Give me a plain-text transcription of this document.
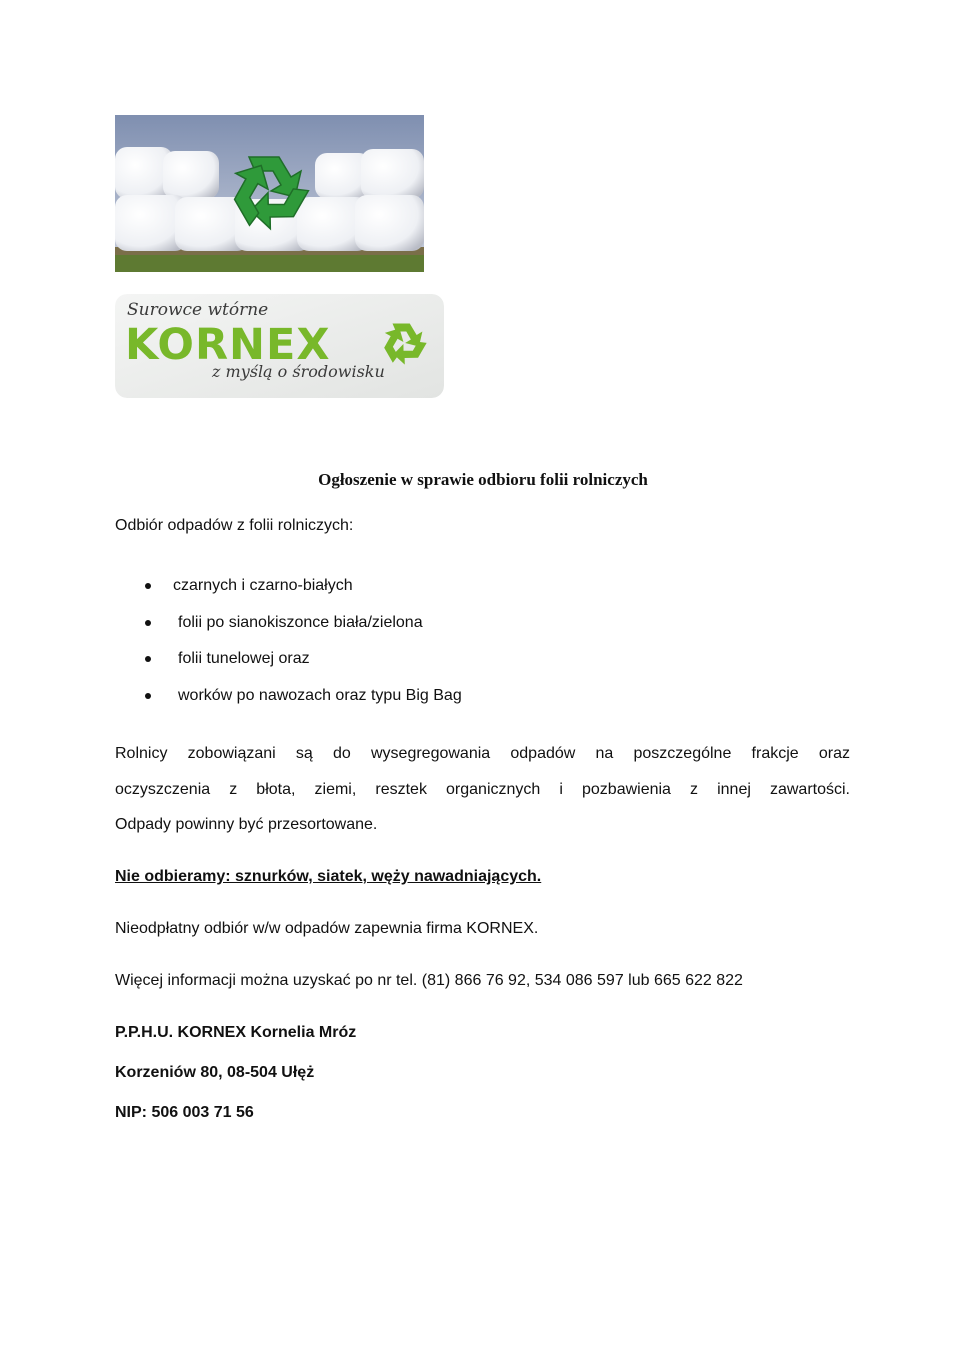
Surowce wtórne
KORNEX
z myślą o środowisku
Ogłoszenie w sprawie odbioru folii rolniczych
Odbiór odpadów z folii rolniczych:
czarnych i czarno-białych
folii po sianokiszonce biała/zielona
folii tunelowej oraz
worków po nawozach oraz typu Big Bag
Rolnicy zobowiązani są do wysegregowania odpadów na poszczególne frakcje oraz
oczyszczenia z błota, ziemi, resztek organicznych i pozbawienia z innej zawartości.
Odpady powinny być przesortowane.
Nie odbieramy: sznurków, siatek, węży nawadniających.
Nieodpłatny odbiór w/w odpadów zapewnia firma KORNEX.
Więcej informacji można uzyskać po nr tel. (81) 866 76 92, 534 086 597 lub 665 622 822
P.P.H.U. KORNEX Kornelia Mróz
Korzeniów 80, 08-504 Ułęż
NIP: 506 003 71 56
